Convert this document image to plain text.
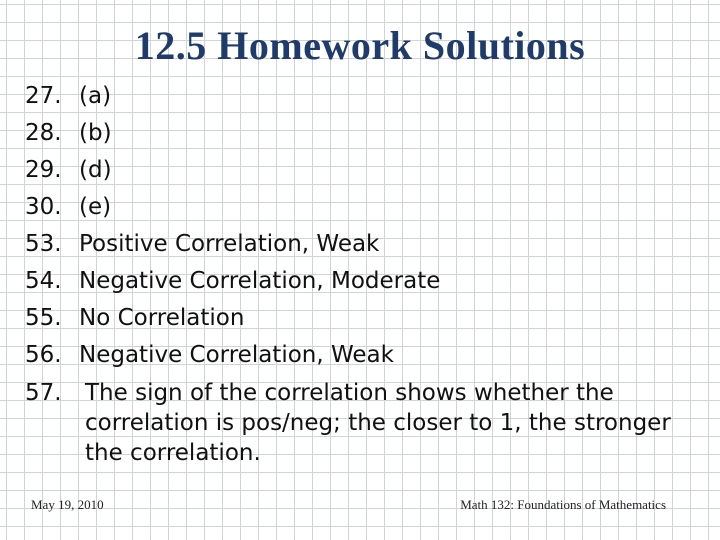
12.5 Homework Solutions
27. (a)
28. (b)
29. (d)
30. (e)
53. Positive Correlation, Weak
54. Negative Correlation, Moderate
55. No Correlation
56. Negative Correlation, Weak
57.	The sign of the correlation shows whether the correlation is pos/neg; the closer to 1, the stronger the correlation.
May 19, 2010	Math 132: Foundations of Mathematics
